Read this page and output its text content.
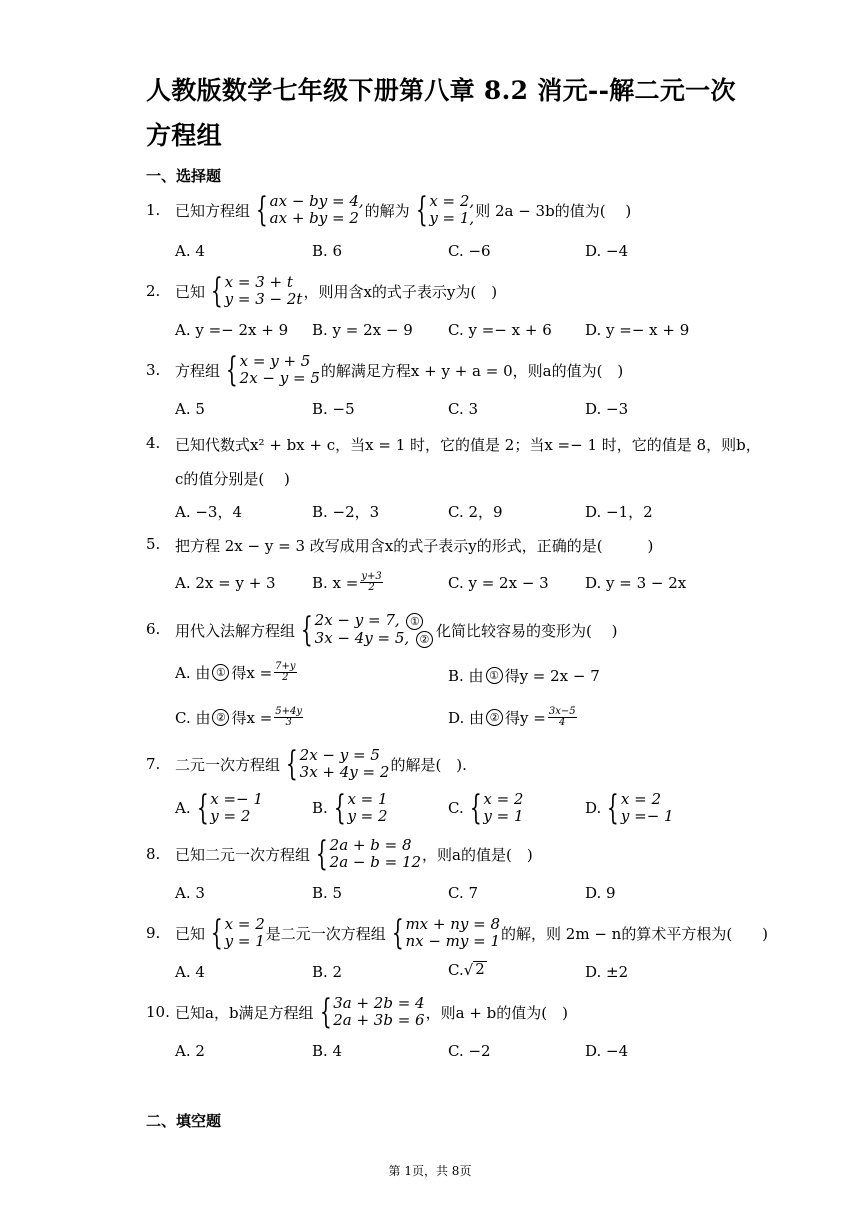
人教版数学七年级下册第八章 8.2 消元--解二元一次方程组
一、选择题
1. 已知方程组 { ax − by = 4,
ax + by = 2 的解为 { x = 2,
y = 1, 则 2a − 3b的值为(　 )
A. 4	B. 6	C. −6	D. −4
2. 已知 { x = 3 + t
y = 3 − 2t ，则用含x的式子表示y为(　)
A. y =− 2x + 9 B. y = 2x − 9 C. y =− x + 6 D. y =− x + 9
3. 方程组 { x = y + 5
2x − y = 5 的解满足方程x + y + a = 0，则a的值为(　)
A. 5	B. −5	C. 3	D. −3
4. 已知代数式x² + bx + c，当x = 1 时，它的值是 2；当x =− 1 时，它的值是 8，则b，
c的值分别是(　 )
A. −3，4	B. −2，3	C. 2，9	D. −1，2
5. 把方程 2x − y = 3 改写成用含x的式子表示y的形式，正确的是(　　　)
A. 2x = y + 3 B. $x = \frac{y+3}{2}$	C. y = 2x − 3 D. y = 3 − 2x
6. 用代入法解方程组 { 2x − y = 7, ①
3x − 4y = 5, ② 化简比较容易的变形为(　 )
A. 由 ① 得$x = \frac{7+y}{2}$	B. 由 ① 得y = 2x − 7
C. 由 ② 得$x = \frac{5+4y}{3}$	D. 由 ② 得$y = \frac{3x-5}{4}$
7. 二元一次方程组 { 2x − y = 5
3x + 4y = 2 的解是(　).
A. { x =− 1
y = 2	B. { x = 1
y = 2	C. { x = 2
y = 1	D. { x = 2
y =− 1
8. 已知二元一次方程组 { 2a + b = 8
2a − b = 12 ，则a的值是(　)
A. 3	B. 5	C. 7	D. 9
9. 已知 { x = 2
y = 1 是二元一次方程组 { mx + ny = 8
nx − my = 1 的解，则 2m − n的算术平方根为(　　)
A. 4	B. 2	C. √ 2	D. ±2
10. 已知a，b满足方程组 { 3a + 2b = 4
2a + 3b = 6 ，则a + b的值为(　)
A. 2	B. 4	C. −2	D. −4
二、填空题
第 1页，共 8页
